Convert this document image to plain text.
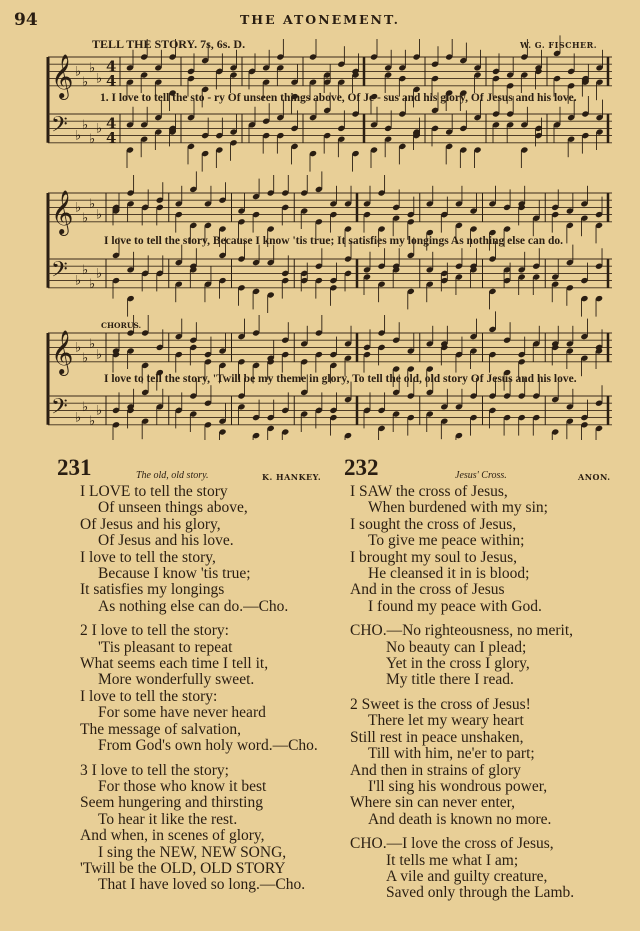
94	THE ATONEMENT.
TELL THE STORY. 7s, 6s. D.	W. G. FISCHER.
𝄞 ♭
♭
♭
♭
4
4
𝄢 ♭
♭
♭
♭ 4
4
𝄞 ♭
♭
♭
♭
𝄢 ♭
♭
♭
♭
𝄞 ♭
♭
♭
♭
𝄢 ♭
♭
♭
♭
1. I love to tell the sto - ry Of unseen things above, Of Je - sus and his glory, Of Jesus and his love.
I love to tell the story, Because I know 'tis true; It satisfies my longings As nothing else can do.
CHORUS.
I love to tell the story, 'Twill be my theme in glory, To tell the old, old story Of Jesus and his love.
231	The old, old story.	K. HANKEY.
I LOVE to tell the story
Of unseen things above,
Of Jesus and his glory,
Of Jesus and his love.
I love to tell the story,
Because I know 'tis true;
It satisfies my longings
As nothing else can do.—Cho.
2 I love to tell the story:
'Tis pleasant to repeat
What seems each time I tell it,
More wonderfully sweet.
I love to tell the story:
For some have never heard
The message of salvation,
From God's own holy word.—Cho.
3 I love to tell the story;
For those who know it best
Seem hungering and thirsting
To hear it like the rest.
And when, in scenes of glory,
I sing the NEW, NEW SONG,
'Twill be the OLD, OLD STORY
That I have loved so long.—Cho.
232	Jesus' Cross.	ANON.
I SAW the cross of Jesus,
When burdened with my sin;
I sought the cross of Jesus,
To give me peace within;
I brought my soul to Jesus,
He cleansed it in is blood;
And in the cross of Jesus
I found my peace with God.
CHO.—No righteousness, no merit,
No beauty can I plead;
Yet in the cross I glory,
My title there I read.
2 Sweet is the cross of Jesus!
There let my weary heart
Still rest in peace unshaken,
Till with him, ne'er to part;
And then in strains of glory
I'll sing his wondrous power,
Where sin can never enter,
And death is known no more.
CHO.—I love the cross of Jesus,
It tells me what I am;
A vile and guilty creature,
Saved only through the Lamb.
